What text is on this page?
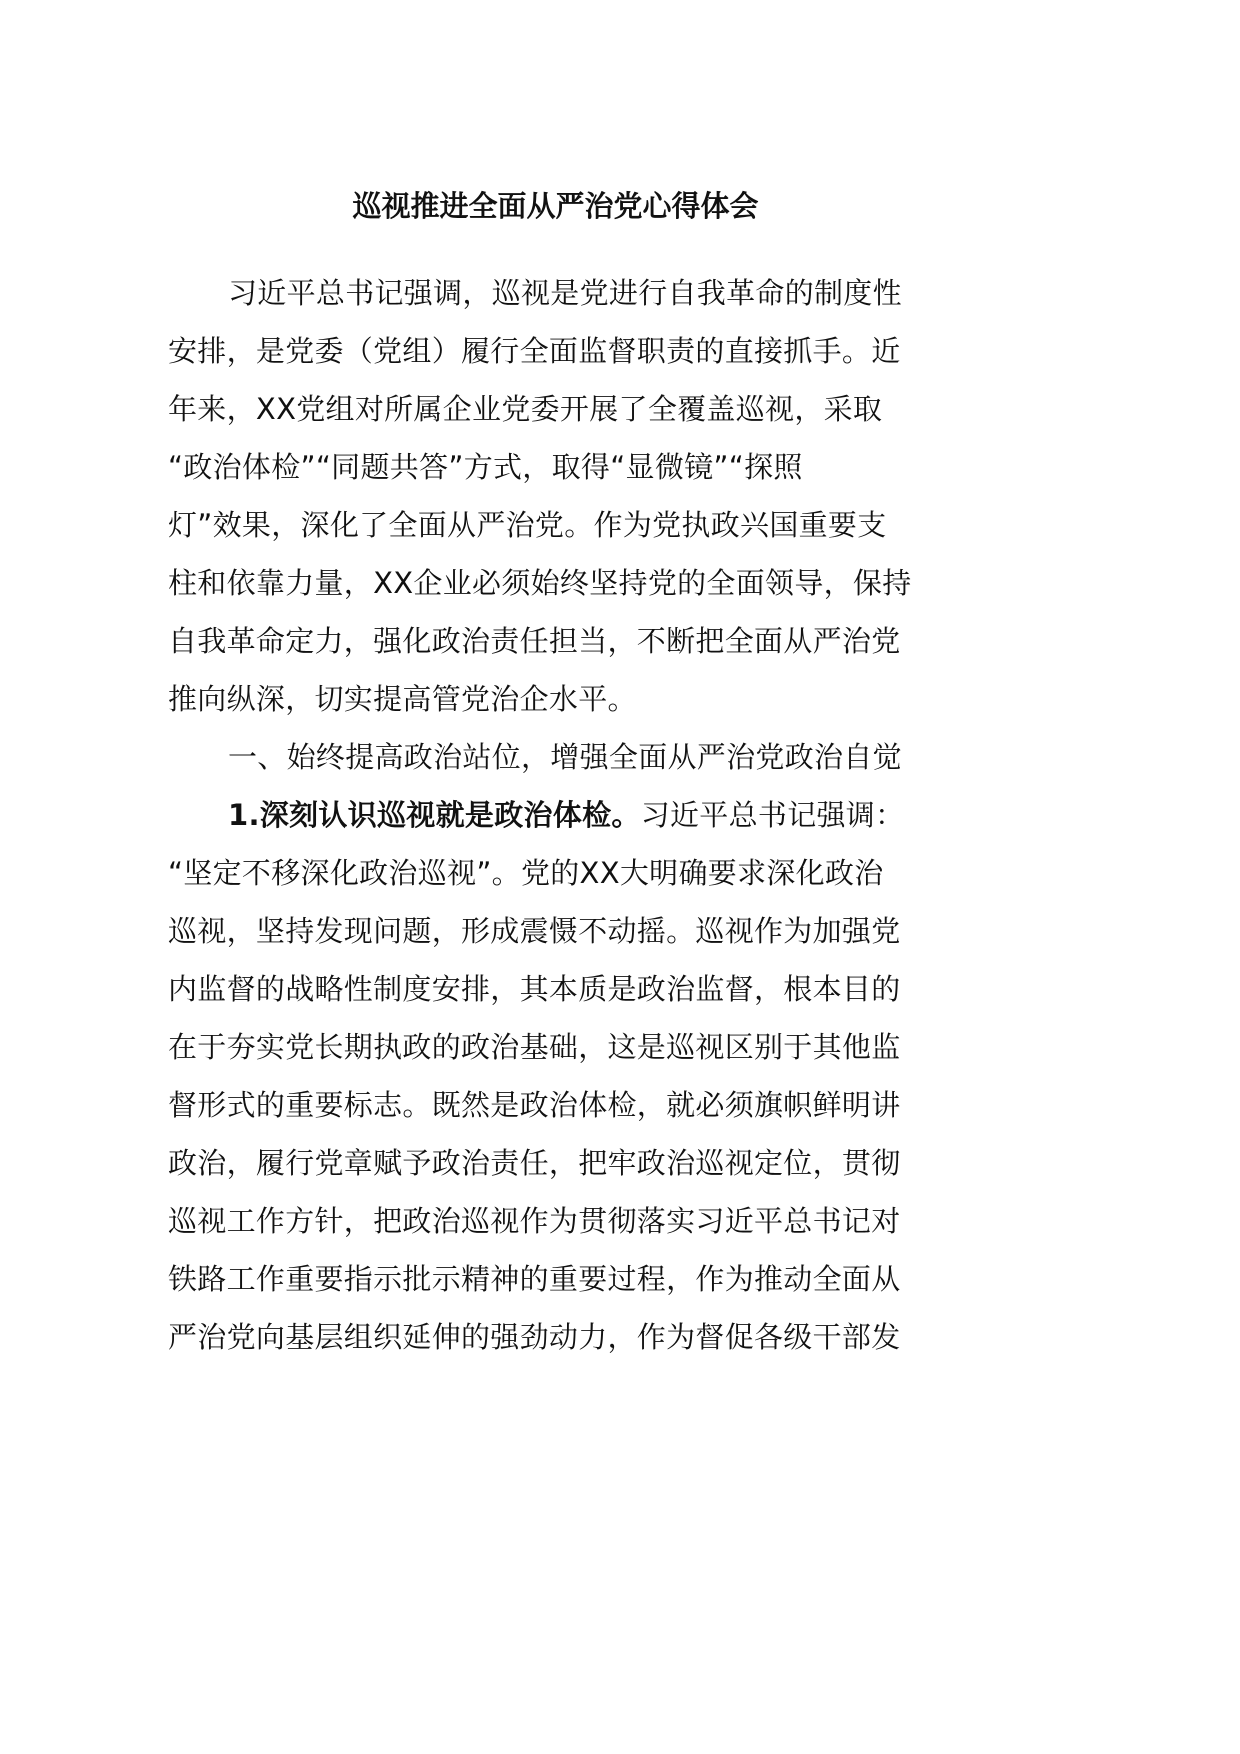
巡视推进全面从严治党心得体会
习近平总书记强调，巡视是党进行自我革命的制度性
安排，是党委（党组）履行全面监督职责的直接抓手。近
年来，XX党组对所属企业党委开展了全覆盖巡视，采取
“政治体检”“同题共答”方式，取得“显微镜”“探照
灯”效果，深化了全面从严治党。作为党执政兴国重要支
柱和依靠力量，XX企业必须始终坚持党的全面领导，保持
自我革命定力，强化政治责任担当，不断把全面从严治党
推向纵深，切实提高管党治企水平。
一、始终提高政治站位，增强全面从严治党政治自觉
1.深刻认识巡视就是政治体检。习近平总书记强调：
“坚定不移深化政治巡视”。党的XX大明确要求深化政治
巡视，坚持发现问题，形成震慑不动摇。巡视作为加强党
内监督的战略性制度安排，其本质是政治监督，根本目的
在于夯实党长期执政的政治基础，这是巡视区别于其他监
督形式的重要标志。既然是政治体检，就必须旗帜鲜明讲
政治，履行党章赋予政治责任，把牢政治巡视定位，贯彻
巡视工作方针，把政治巡视作为贯彻落实习近平总书记对
铁路工作重要指示批示精神的重要过程，作为推动全面从
严治党向基层组织延伸的强劲动力，作为督促各级干部发
